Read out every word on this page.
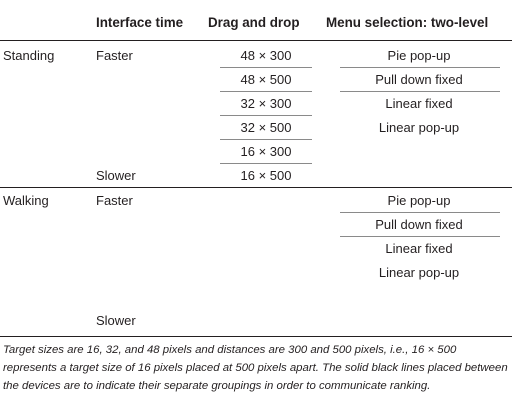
Interface time Drag and drop Menu selection: two-level
Standing	Faster
Slower
48 × 300
48 × 500
32 × 300
32 × 500
16 × 300
16 × 500
Pie pop-up
Pull down fixed
Linear fixed
Linear pop-up
Walking	Faster
Slower
Pie pop-up
Pull down fixed
Linear fixed
Linear pop-up
Target sizes are 16, 32, and 48 pixels and distances are 300 and 500 pixels, i.e., 16 × 500 represents a target size of 16 pixels placed at 500 pixels apart. The solid black lines placed between the devices are to indicate their separate groupings in order to communicate ranking.
